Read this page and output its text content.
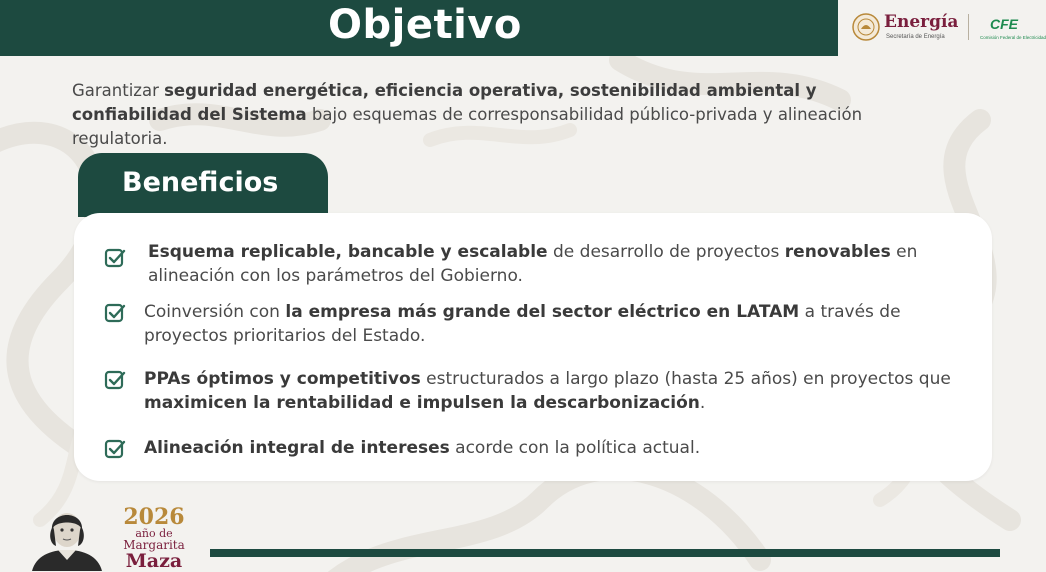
Objetivo	Energía
Secretaría de Energía
CFE
Comisión Federal de Electricidad
Garantizar seguridad energética, eficiencia operativa, sostenibilidad ambiental y confiabilidad del Sistema bajo esquemas de corresponsabilidad público-privada y alineación regulatoria.
Beneficios
Esquema replicable, bancable y escalable de desarrollo de proyectos renovables en alineación con los parámetros del Gobierno.
Coinversión con la empresa más grande del sector eléctrico en LATAM a través de proyectos prioritarios del Estado.
PPAs óptimos y competitivos estructurados a largo plazo (hasta 25 años) en proyectos que maximicen la rentabilidad e impulsen la descarbonización.
Alineación integral de intereses acorde con la política actual.
2026
año de
Margarita
Maza
